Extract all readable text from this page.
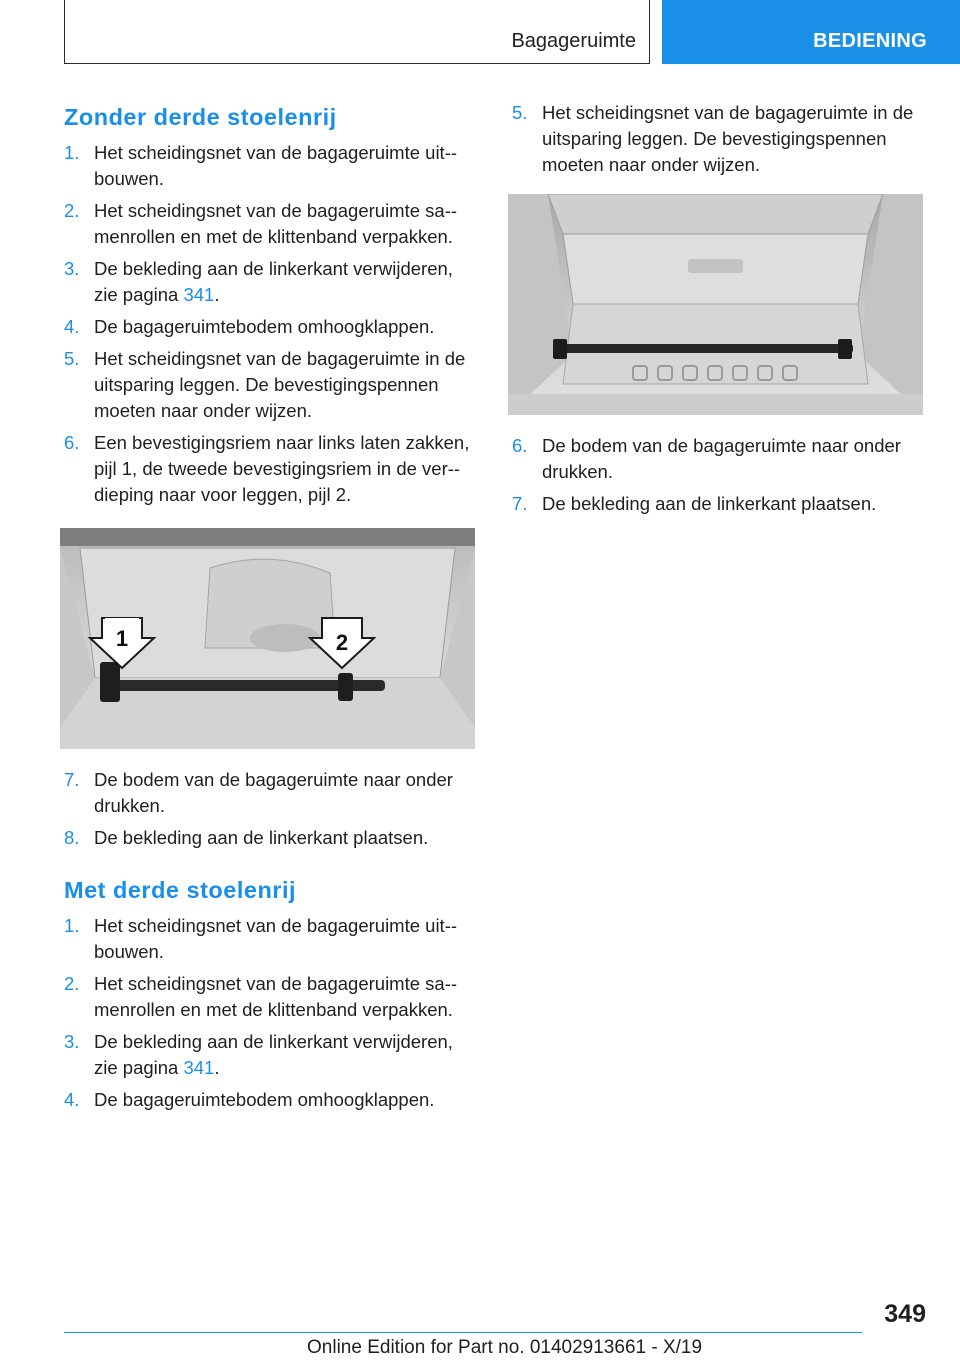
Bagageruimte	BEDIENING
Zonder derde stoelenrij
1. Het scheidingsnet van de bagageruimte uit-bouwen.
2. Het scheidingsnet van de bagageruimte sa-menrollen en met de klittenband verpakken.
3. De bekleding aan de linkerkant verwijderen, zie pagina 341.
4. De bagageruimtebodem omhoogklappen.
5. Het scheidingsnet van de bagageruimte in de uitsparing leggen. De bevestigingspennen moeten naar onder wijzen.
6. Een bevestigingsriem naar links laten zakken, pijl 1, de tweede bevestigingsriem in de ver-dieping naar voor leggen, pijl 2.
1	2
7. De bodem van de bagageruimte naar onder drukken.
8. De bekleding aan de linkerkant plaatsen.
Met derde stoelenrij
1. Het scheidingsnet van de bagageruimte uit-bouwen.
2. Het scheidingsnet van de bagageruimte sa-menrollen en met de klittenband verpakken.
3. De bekleding aan de linkerkant verwijderen, zie pagina 341.
4. De bagageruimtebodem omhoogklappen.
5. Het scheidingsnet van de bagageruimte in de uitsparing leggen. De bevestigingspennen moeten naar onder wijzen.
6. De bodem van de bagageruimte naar onder drukken.
7. De bekleding aan de linkerkant plaatsen.
349
Online Edition for Part no. 01402913661 - X/19
